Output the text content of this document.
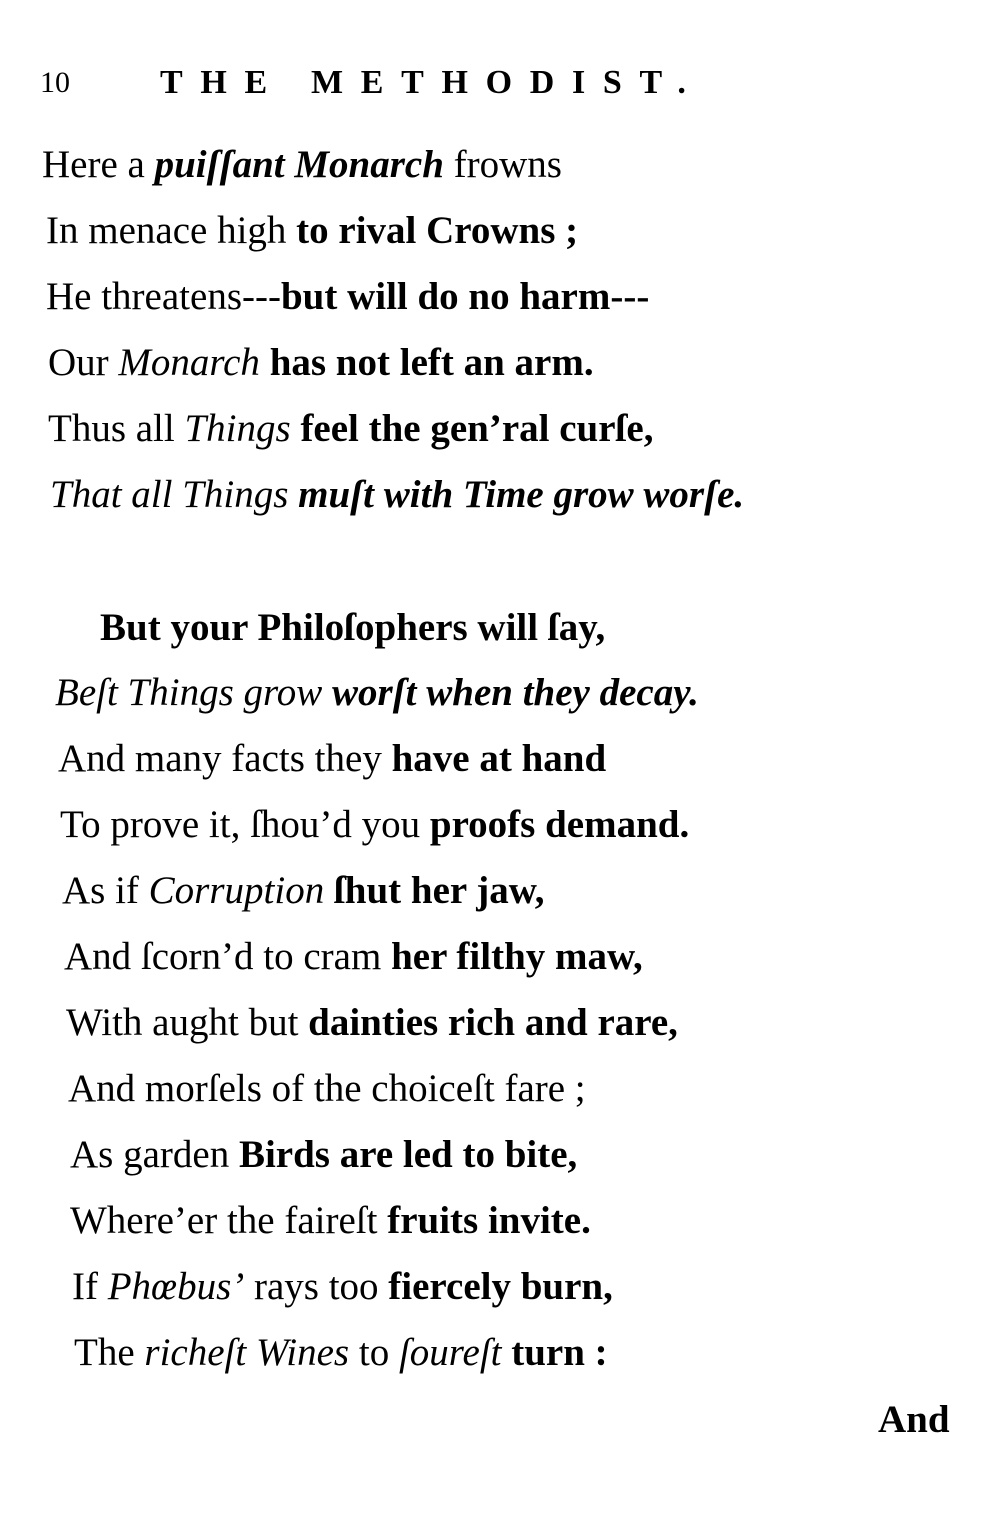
10	THE METHODIST.
Here a puiſſant Monarch frowns
In menace high to rival Crowns ;
He threatens---but will do no harm---
Our Monarch has not left an arm.
Thus all Things feel the gen’ral curſe,
That all Things muſt with Time grow worſe.
But your Philoſophers will ſay,
Beſt Things grow worſt when they decay.
And many facts they have at hand
To prove it, ſhou’d you proofs demand.
As if Corruption ſhut her jaw,
And ſcorn’d to cram her filthy maw,
With aught but dainties rich and rare,
And morſels of the choiceſt fare ;
As garden Birds are led to bite,
Where’er the faireſt fruits invite.
If Phœbus’ rays too fiercely burn,
The richeſt Wines to ſoureſt turn :
And
